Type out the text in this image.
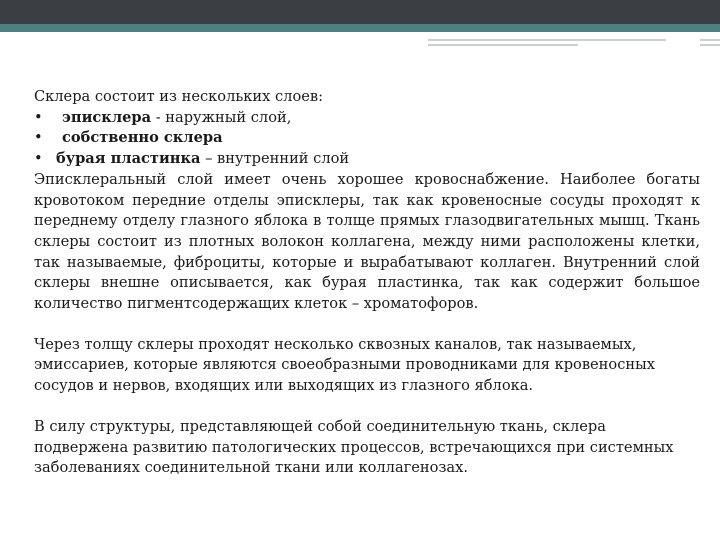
Склера состоит из нескольких слоев:

•	эписклера - наружный слой,
•	собственно склера
• бурая пластинка – внутренний слой

Эписклеральный слой имеет очень хорошее кровоснабжение. Наиболее богаты кровотоком передние отделы эписклеры, так как кровеносные сосуды проходят к переднему отделу глазного яблока в толще прямых глазодвигательных мышц. Ткань склеры состоит из плотных волокон коллагена, между ними расположены клетки, так называемые, фиброциты, которые и вырабатывают коллаген. Внутренний слой склеры внешне описывается, как бурая пластинка, так как содержит большое количество пигментсодержащих клеток – хроматофоров.

Через толщу склеры проходят несколько сквозных каналов, так называемых, эмиссариев, которые являются своеобразными проводниками для кровеносных сосудов и нервов, входящих или выходящих из глазного яблока.

В силу структуры, представляющей собой соединительную ткань, склера подвержена развитию патологических процессов, встречающихся при системных заболеваниях соединительной ткани или коллагенозах.
